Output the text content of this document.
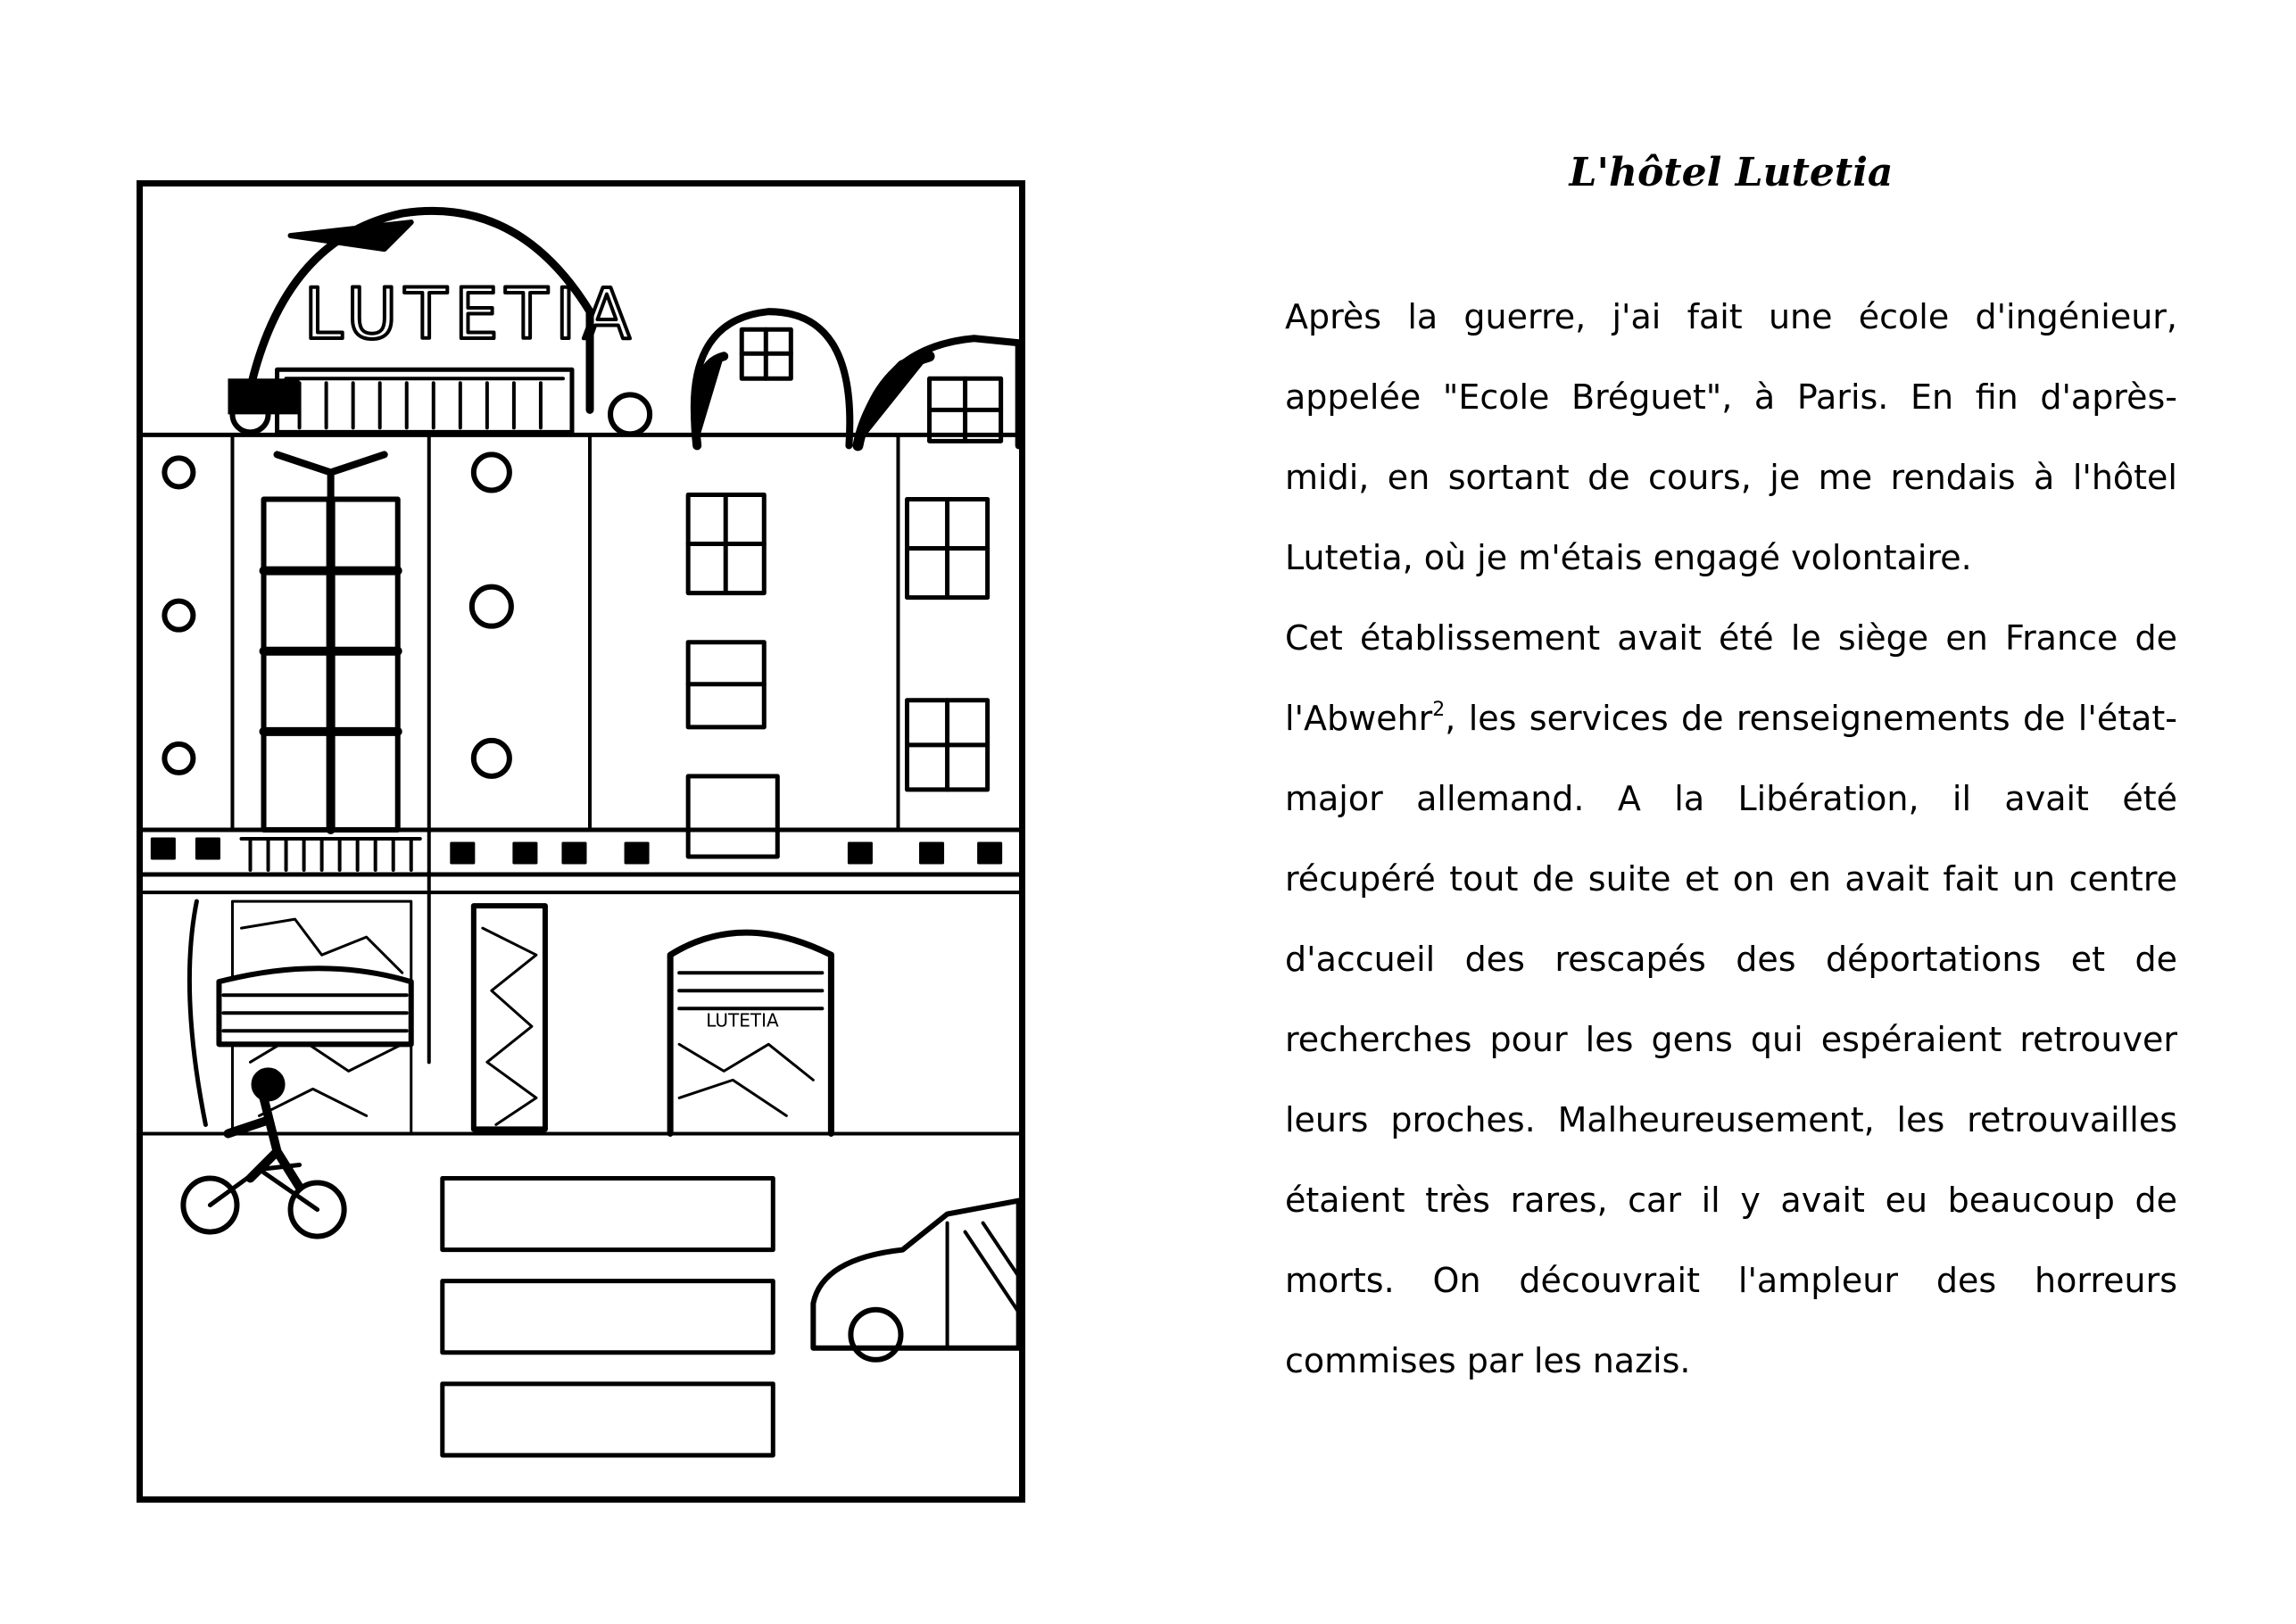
LUTETIA
LUTETIA
L'hôtel Lutetia

Après la guerre, j'ai fait une école d'ingénieur, appelée "Ecole Bréguet", à Paris. En fin d'après-midi, en sortant de cours, je me rendais à l'hôtel Lutetia, où je m'étais engagé volontaire.

Cet établissement avait été le siège en France de l'Abwehr$^2$, les services de renseignements de l'état-major allemand. A la Libération, il avait été récupéré tout de suite et on en avait fait un centre d'accueil des rescapés des déportations et de recherches pour les gens qui espéraient retrouver leurs proches. Malheureusement, les retrouvailles étaient très rares, car il y avait eu beaucoup de morts. On découvrait l'ampleur des horreurs commises par les nazis.
